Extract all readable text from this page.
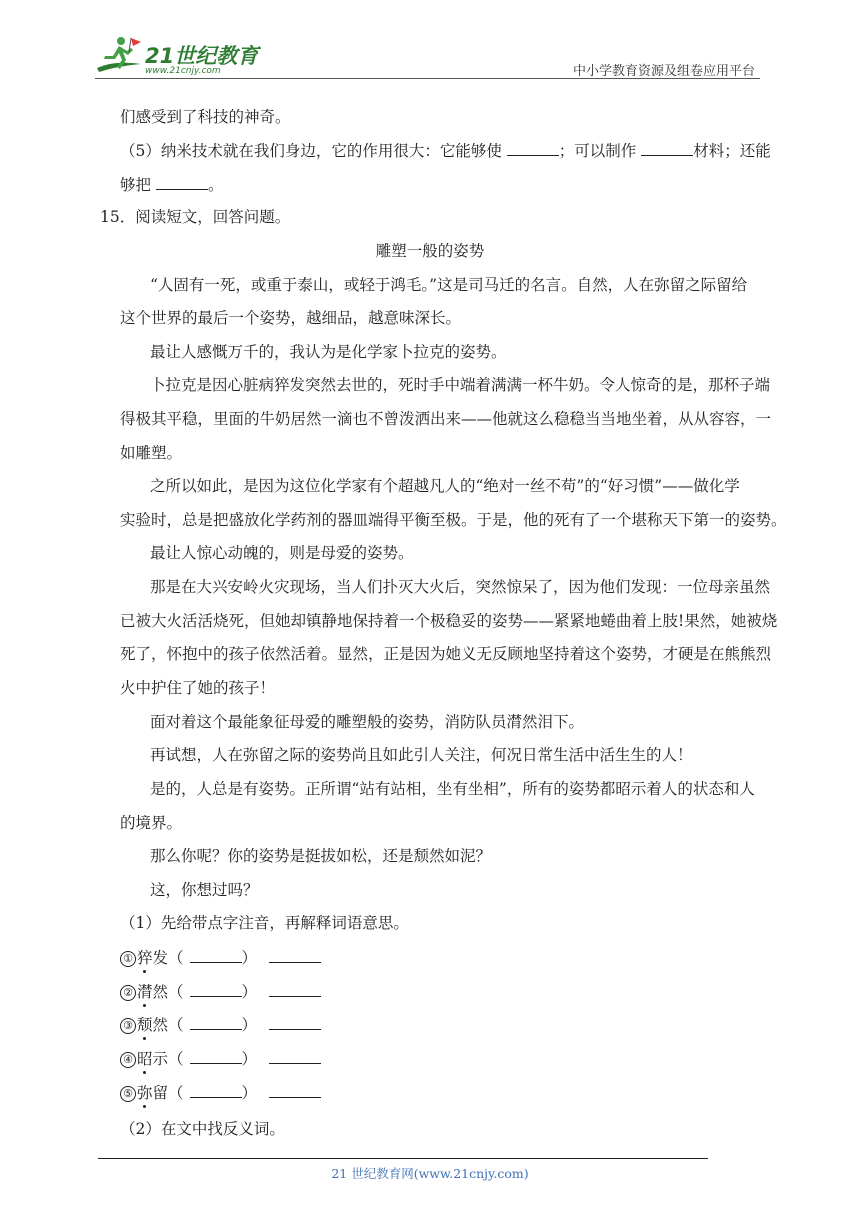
21世纪教育
www.21cnjy.com	中小学教育资源及组卷应用平台
们感受到了科技的神奇。
（5）纳米技术就在我们身边，它的作用很大：它能够使	；可以制作	材料；还能
够把	。
15．阅读短文，回答问题。
雕塑一般的姿势
“人固有一死，或重于泰山，或轻于鸿毛。”这是司马迁的名言。自然，人在弥留之际留给
这个世界的最后一个姿势，越细品，越意味深长。
最让人感慨万千的，我认为是化学家卜拉克的姿势。
卜拉克是因心脏病猝发突然去世的，死时手中端着满满一杯牛奶。令人惊奇的是，那杯子端
得极其平稳，里面的牛奶居然一滴也不曾泼洒出来——他就这么稳稳当当地坐着，从从容容，一
如雕塑。
之所以如此，是因为这位化学家有个超越凡人的“绝对一丝不苟”的“好习惯”——做化学
实验时，总是把盛放化学药剂的器皿端得平衡至极。于是，他的死有了一个堪称天下第一的姿势。
最让人惊心动魄的，则是母爱的姿势。
那是在大兴安岭火灾现场，当人们扑灭大火后，突然惊呆了，因为他们发现：一位母亲虽然
已被大火活活烧死，但她却镇静地保持着一个极稳妥的姿势——紧紧地蜷曲着上肢!果然，她被烧
死了，怀抱中的孩子依然活着。显然，正是因为她义无反顾地坚持着这个姿势，才硬是在熊熊烈
火中护住了她的孩子！
面对着这个最能象征母爱的雕塑般的姿势，消防队员潸然泪下。
再试想，人在弥留之际的姿势尚且如此引人关注，何况日常生活中活生生的人！
是的，人总是有姿势。正所谓“站有站相，坐有坐相”，所有的姿势都昭示着人的状态和人
的境界。
那么你呢？你的姿势是挺拔如松，还是颓然如泥？
这，你想过吗？
（1）先给带点字注音，再解释词语意思。
① 猝发（	）
② 潸然（	）
③ 颓然（	）
④ 昭示（	）
⑤ 弥留（	）
（2）在文中找反义词。
21 世纪教育网(www.21cnjy.com)
